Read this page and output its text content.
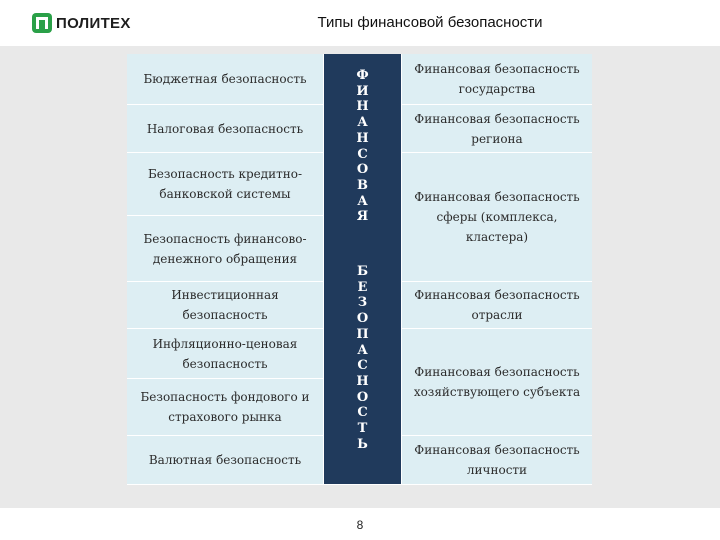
ПОЛИТЕХ	Типы финансовой безопасности
Бюджетная безопасность
Налоговая безопасность
Безопасность кредитно-банковской системы
Безопасность финансово-денежного обращения
Инвестиционная безопасность
Инфляционно-ценовая безопасность
Безопасность фондового и страхового рынка
Валютная безопасность
Ф
И
Н
А
Н
С
О
В
А
Я
Б
Е
З
О
П
А
С
Н
О
С
Т
Ь
Финансовая безопасность государства
Финансовая безопасность региона
Финансовая безопасность сферы (комплекса, кластера)
Финансовая безопасность отрасли
Финансовая безопасность хозяйствующего субъекта
Финансовая безопасность личности
8
